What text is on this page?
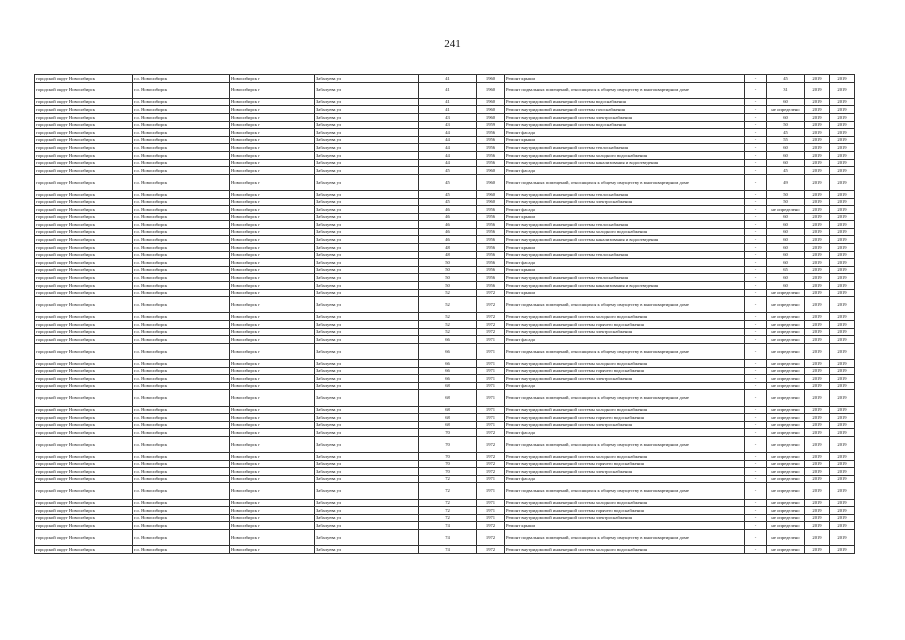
241
городской округ Новосибирск	г.о. Новосибирск	Новосибирск г	Забалуева ул	41	1960	Ремонт крыши	-	45	2019	2019
городской округ Новосибирск	г.о. Новосибирск	Новосибирск г	Забалуева ул	41	1960	Ремонт подвальных помещений, относящихся к общему имуществу в многоквартирном доме	-	31	2019	2019
городской округ Новосибирск	г.о. Новосибирск	Новосибирск г	Забалуева ул	41	1960	Ремонт внутридомовой инженерной системы водоснабжения	-	60	2019	2019
городской округ Новосибирск	г.о. Новосибирск	Новосибирск г	Забалуева ул	41	1960	Ремонт внутридомовой инженерной системы газоснабжения	-	не определено	2019	2019
городской округ Новосибирск	г.о. Новосибирск	Новосибирск г	Забалуева ул	43	1960	Ремонт внутридомовой инженерной системы электроснабжения	-	60	2019	2019
городской округ Новосибирск	г.о. Новосибирск	Новосибирск г	Забалуева ул	43	1959	Ремонт внутридомовой инженерной системы водоснабжения	-	50	2019	2019
городской округ Новосибирск	г.о. Новосибирск	Новосибирск г	Забалуева ул	44	1956	Ремонт фасада	-	45	2019	2019
городской округ Новосибирск	г.о. Новосибирск	Новосибирск г	Забалуева ул	44	1956	Ремонт крыши	-	55	2019	2019
городской округ Новосибирск	г.о. Новосибирск	Новосибирск г	Забалуева ул	44	1956	Ремонт внутридомовой инженерной системы теплоснабжения	-	60	2019	2019
городской округ Новосибирск	г.о. Новосибирск	Новосибирск г	Забалуева ул	44	1956	Ремонт внутридомовой инженерной системы холодного водоснабжения	-	60	2019	2019
городской округ Новосибирск	г.о. Новосибирск	Новосибирск г	Забалуева ул	44	1956	Ремонт внутридомовой инженерной системы канализования и водоотведения	-	60	2019	2019
городской округ Новосибирск	г.о. Новосибирск	Новосибирск г	Забалуева ул	45	1960	Ремонт фасада	-	45	2019	2019
городской округ Новосибирск	г.о. Новосибирск	Новосибирск г	Забалуева ул	45	1960	Ремонт подвальных помещений, относящихся к общему имуществу в многоквартирном доме	-	49	2019	2019
городской округ Новосибирск	г.о. Новосибирск	Новосибирск г	Забалуева ул	45	1960	Ремонт внутридомовой инженерной системы теплоснабжения	-	50	2019	2019
городской округ Новосибирск	г.о. Новосибирск	Новосибирск г	Забалуева ул	45	1960	Ремонт внутридомовой инженерной системы электроснабжения	-	50	2019	2019
городской округ Новосибирск	г.о. Новосибирск	Новосибирск г	Забалуева ул	46	1956	Ремонт фасада	-	не определено	2019	2019
городской округ Новосибирск	г.о. Новосибирск	Новосибирск г	Забалуева ул	46	1956	Ремонт крыши	-	60	2019	2019
городской округ Новосибирск	г.о. Новосибирск	Новосибирск г	Забалуева ул	46	1956	Ремонт внутридомовой инженерной системы теплоснабжения	-	60	2019	2019
городской округ Новосибирск	г.о. Новосибирск	Новосибирск г	Забалуева ул	46	1956	Ремонт внутридомовой инженерной системы холодного водоснабжения	-	60	2019	2019
городской округ Новосибирск	г.о. Новосибирск	Новосибирск г	Забалуева ул	46	1956	Ремонт внутридомовой инженерной системы канализования и водоотведения	-	60	2019	2019
городской округ Новосибирск	г.о. Новосибирск	Новосибирск г	Забалуева ул	48	1956	Ремонт крыши	-	60	2019	2019
городской округ Новосибирск	г.о. Новосибирск	Новосибирск г	Забалуева ул	48	1956	Ремонт внутридомовой инженерной системы теплоснабжения	-	60	2019	2019
городской округ Новосибирск	г.о. Новосибирск	Новосибирск г	Забалуева ул	50	1956	Ремонт фасада	-	60	2019	2019
городской округ Новосибирск	г.о. Новосибирск	Новосибирск г	Забалуева ул	50	1956	Ремонт крыши	-	65	2019	2019
городской округ Новосибирск	г.о. Новосибирск	Новосибирск г	Забалуева ул	50	1956	Ремонт внутридомовой инженерной системы теплоснабжения	-	60	2019	2019
городской округ Новосибирск	г.о. Новосибирск	Новосибирск г	Забалуева ул	50	1956	Ремонт внутридомовой инженерной системы канализования и водоотведения	-	60	2019	2019
городской округ Новосибирск	г.о. Новосибирск	Новосибирск г	Забалуева ул	52	1972	Ремонт крыши	-	не определено	2019	2019
городской округ Новосибирск	г.о. Новосибирск	Новосибирск г	Забалуева ул	52	1972	Ремонт подвальных помещений, относящихся к общему имуществу в многоквартирном доме	-	не определено	2019	2019
городской округ Новосибирск	г.о. Новосибирск	Новосибирск г	Забалуева ул	52	1972	Ремонт внутридомовой инженерной системы холодного водоснабжения	-	не определено	2019	2019
городской округ Новосибирск	г.о. Новосибирск	Новосибирск г	Забалуева ул	52	1972	Ремонт внутридомовой инженерной системы горячего водоснабжения	-	не определено	2019	2019
городской округ Новосибирск	г.о. Новосибирск	Новосибирск г	Забалуева ул	52	1972	Ремонт внутридомовой инженерной системы электроснабжения	-	не определено	2019	2019
городской округ Новосибирск	г.о. Новосибирск	Новосибирск г	Забалуева ул	66	1971	Ремонт фасада	-	не определено	2019	2019
городской округ Новосибирск	г.о. Новосибирск	Новосибирск г	Забалуева ул	66	1971	Ремонт подвальных помещений, относящихся к общему имуществу в многоквартирном доме	-	не определено	2019	2019
городской округ Новосибирск	г.о. Новосибирск	Новосибирск г	Забалуева ул	66	1971	Ремонт внутридомовой инженерной системы холодного водоснабжения	-	не определено	2019	2019
городской округ Новосибирск	г.о. Новосибирск	Новосибирск г	Забалуева ул	66	1971	Ремонт внутридомовой инженерной системы горячего водоснабжения	-	не определено	2019	2019
городской округ Новосибирск	г.о. Новосибирск	Новосибирск г	Забалуева ул	66	1971	Ремонт внутридомовой инженерной системы электроснабжения	-	не определено	2019	2019
городской округ Новосибирск	г.о. Новосибирск	Новосибирск г	Забалуева ул	68	1971	Ремонт фасада	-	не определено	2019	2019
городской округ Новосибирск	г.о. Новосибирск	Новосибирск г	Забалуева ул	68	1971	Ремонт подвальных помещений, относящихся к общему имуществу в многоквартирном доме	-	не определено	2019	2019
городской округ Новосибирск	г.о. Новосибирск	Новосибирск г	Забалуева ул	68	1971	Ремонт внутридомовой инженерной системы холодного водоснабжения	-	не определено	2019	2019
городской округ Новосибирск	г.о. Новосибирск	Новосибирск г	Забалуева ул	68	1971	Ремонт внутридомовой инженерной системы горячего водоснабжения	-	не определено	2019	2019
городской округ Новосибирск	г.о. Новосибирск	Новосибирск г	Забалуева ул	68	1971	Ремонт внутридомовой инженерной системы электроснабжения	-	не определено	2019	2019
городской округ Новосибирск	г.о. Новосибирск	Новосибирск г	Забалуева ул	70	1972	Ремонт фасада	-	не определено	2019	2019
городской округ Новосибирск	г.о. Новосибирск	Новосибирск г	Забалуева ул	70	1972	Ремонт подвальных помещений, относящихся к общему имуществу в многоквартирном доме	-	не определено	2019	2019
городской округ Новосибирск	г.о. Новосибирск	Новосибирск г	Забалуева ул	70	1972	Ремонт внутридомовой инженерной системы холодного водоснабжения	-	не определено	2019	2019
городской округ Новосибирск	г.о. Новосибирск	Новосибирск г	Забалуева ул	70	1972	Ремонт внутридомовой инженерной системы горячего водоснабжения	-	не определено	2019	2019
городской округ Новосибирск	г.о. Новосибирск	Новосибирск г	Забалуева ул	70	1972	Ремонт внутридомовой инженерной системы электроснабжения	-	не определено	2019	2019
городской округ Новосибирск	г.о. Новосибирск	Новосибирск г	Забалуева ул	72	1971	Ремонт фасада	-	не определено	2019	2019
городской округ Новосибирск	г.о. Новосибирск	Новосибирск г	Забалуева ул	72	1971	Ремонт подвальных помещений, относящихся к общему имуществу в многоквартирном доме	-	не определено	2019	2019
городской округ Новосибирск	г.о. Новосибирск	Новосибирск г	Забалуева ул	72	1971	Ремонт внутридомовой инженерной системы холодного водоснабжения	-	не определено	2019	2019
городской округ Новосибирск	г.о. Новосибирск	Новосибирск г	Забалуева ул	72	1971	Ремонт внутридомовой инженерной системы горячего водоснабжения	-	не определено	2019	2019
городской округ Новосибирск	г.о. Новосибирск	Новосибирск г	Забалуева ул	72	1971	Ремонт внутридомовой инженерной системы электроснабжения	-	не определено	2019	2019
городской округ Новосибирск	г.о. Новосибирск	Новосибирск г	Забалуева ул	74	1972	Ремонт крыши	-	не определено	2019	2019
городской округ Новосибирск	г.о. Новосибирск	Новосибирск г	Забалуева ул	74	1972	Ремонт подвальных помещений, относящихся к общему имуществу в многоквартирном доме	-	не определено	2019	2019
городской округ Новосибирск	г.о. Новосибирск	Новосибирск г	Забалуева ул	74	1972	Ремонт внутридомовой инженерной системы холодного водоснабжения	-	не определено	2019	2019
